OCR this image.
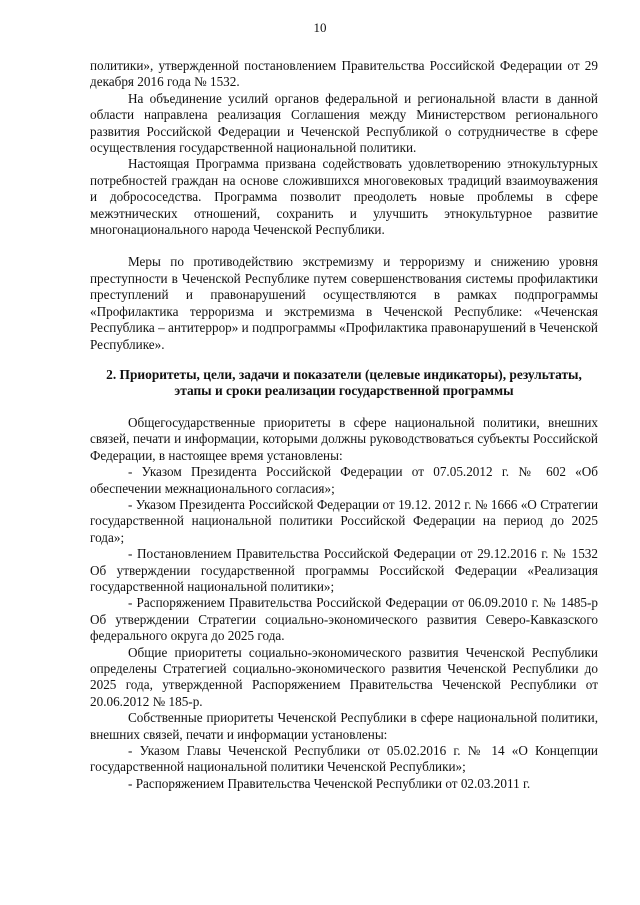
10

политики», утвержденной постановлением Правительства Российской Федерации от 29 декабря 2016 года № 1532.

На объединение усилий органов федеральной и региональной власти в данной области направлена реализация Соглашения между Министерством регионального развития Российской Федерации и Чеченской Республикой о сотрудничестве в сфере осуществления государственной национальной политики.

Настоящая Программа призвана содействовать удовлетворению этнокультурных потребностей граждан на основе сложившихся многовековых традиций взаимоуважения и добрососедства. Программа позволит преодолеть новые проблемы в сфере межэтнических отношений, сохранить и улучшить этнокультурное развитие многонационального народа Чеченской Республики.

Меры по противодействию экстремизму и терроризму и снижению уровня преступности в Чеченской Республике путем совершенствования системы профилактики преступлений и правонарушений осуществляются в рамках подпрограммы «Профилактика терроризма и экстремизма в Чеченской Республике: «Чеченская Республика – антитеррор» и подпрограммы «Профилактика правонарушений в Чеченской Республике».

2. Приоритеты, цели, задачи и показатели (целевые индикаторы), результаты, этапы и сроки реализации государственной программы

Общегосударственные приоритеты в сфере национальной политики, внешних связей, печати и информации, которыми должны руководствоваться субъекты Российской Федерации, в настоящее время установлены:

- Указом Президента Российской Федерации от 07.05.2012 г. № 602 «Об обеспечении межнационального согласия»;

- Указом Президента Российской Федерации от 19.12. 2012 г. № 1666 «О Стратегии государственной национальной политики Российской Федерации на период до 2025 года»;

- Постановлением Правительства Российской Федерации от 29.12.2016 г. № 1532 Об утверждении государственной программы Российской Федерации «Реализация государственной национальной политики»;

- Распоряжением Правительства Российской Федерации от 06.09.2010 г. № 1485-р Об утверждении Стратегии социально-экономического развития Северо-Кавказского федерального округа до 2025 года.

Общие приоритеты социально-экономического развития Чеченской Республики определены Стратегией социально-экономического развития Чеченской Республики до 2025 года, утвержденной Распоряжением Правительства Чеченской Республики от 20.06.2012 № 185-р.

Собственные приоритеты Чеченской Республики в сфере национальной политики, внешних связей, печати и информации установлены:

- Указом Главы Чеченской Республики от 05.02.2016 г. № 14 «О Концепции государственной национальной политики Чеченской Республики»;

- Распоряжением Правительства Чеченской Республики от 02.03.2011 г.
